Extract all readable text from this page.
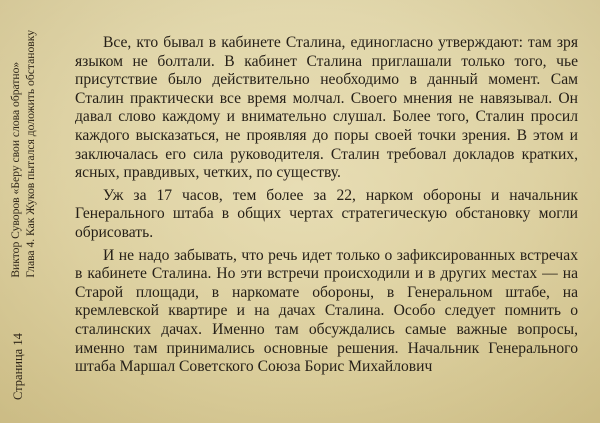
Страница 14
Виктор Суворов «Беру свои слова обратно» Глава 4. Как Жуков пытался доложить обстановку	Все, кто бывал в кабинете Сталина, единогласно утверждают: там зря языком не болтали. В кабинет Сталина приглашали только того, чье присутствие было действительно необходимо в данный момент. Сам Сталин практически все время молчал. Своего мнения не навязывал. Он давал слово каждому и внимательно слушал. Более того, Сталин просил каждого высказаться, не проявляя до поры своей точки зрения. В этом и заключалась его сила руководителя. Сталин требовал докладов кратких, ясных, правдивых, четких, по существу.

Уж за 17 часов, тем более за 22, нарком обороны и начальник Генерального штаба в общих чертах стратегическую обстановку могли обрисовать.

И не надо забывать, что речь идет только о зафиксированных встречах в кабинете Сталина. Но эти встречи происходили и в других местах — на Старой площади, в наркомате обороны, в Генеральном штабе, на кремлевской квартире и на дачах Сталина. Особо следует помнить о сталинских дачах. Именно там обсуждались самые важные вопросы, именно там принимались основные решения. Начальник Генерального штаба Маршал Советского Союза Борис Михайлович
